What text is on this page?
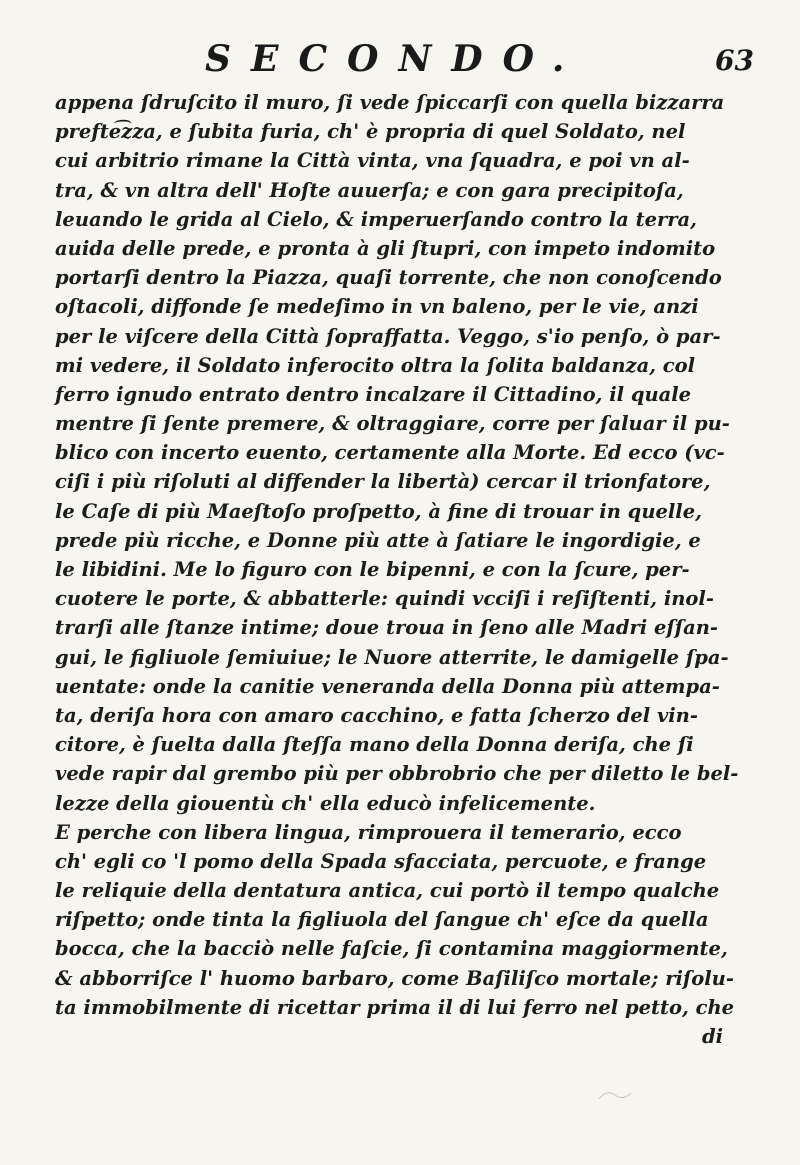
SECONDO.	63
appena ſdruſcito il muro, ſi vede ſpiccarſi con quella bizzarra
prefte͡zza, e ſubita furia, ch' è propria di quel Soldato, nel
cui arbitrio rimane la Città vinta, vna ſquadra, e poi vn al-
tra, & vn altra dell' Hoſte auuerſa; e con gara precipitoſa,
leuando le grida al Cielo, & imperuerſando contro la terra,
auida delle prede, e pronta à gli ſtupri, con impeto indomito
portarſi dentro la Piazza, quaſi torrente, che non conoſcendo
oſtacoli, diffonde ſe medeſimo in vn baleno, per le vie, anzi
per le viſcere della Città ſopraffatta. Veggo, s'io penſo, ò par-
mi vedere, il Soldato inferocito oltra la ſolita baldanza, col
ferro ignudo entrato dentro incalzare il Cittadino, il quale
mentre ſi ſente premere, & oltraggiare, corre per ſaluar il pu-
blico con incerto euento, certamente alla Morte. Ed ecco (vc-
ciſi i più riſoluti al diffender la libertà) cercar il trionfatore,
le Caſe di più Maeſtoſo proſpetto, à fine di trouar in quelle,
prede più ricche, e Donne più atte à ſatiare le ingordigie, e
le libidini. Me lo figuro con le bipenni, e con la ſcure, per-
cuotere le porte, & abbatterle: quindi vcciſi i reſiſtenti, inol-
trarſi alle ſtanze intime; doue troua in ſeno alle Madri eſſan-
gui, le figliuole ſemiuiue; le Nuore atterrite, le damigelle ſpa-
uentate: onde la canitie veneranda della Donna più attempa-
ta, deriſa hora con amaro cacchino, e fatta ſcherzo del vin-
citore, è ſuelta dalla ſteſſa mano della Donna deriſa, che ſi
vede rapir dal grembo più per obbrobrio che per diletto le bel-
lezze della giouentù ch' ella educò infelicemente.
E perche con libera lingua, rimprouera il temerario, ecco
ch' egli co 'l pomo della Spada sfacciata, percuote, e frange
le reliquie della dentatura antica, cui portò il tempo qualche
riſpetto; onde tinta la figliuola del ſangue ch' eſce da quella
bocca, che la bacciò nelle faſcie, ſi contamina maggiormente,
& abborriſce l' huomo barbaro, come Baſiliſco mortale; riſolu-
ta immobilmente di ricettar prima il di lui ferro nel petto, che
di
